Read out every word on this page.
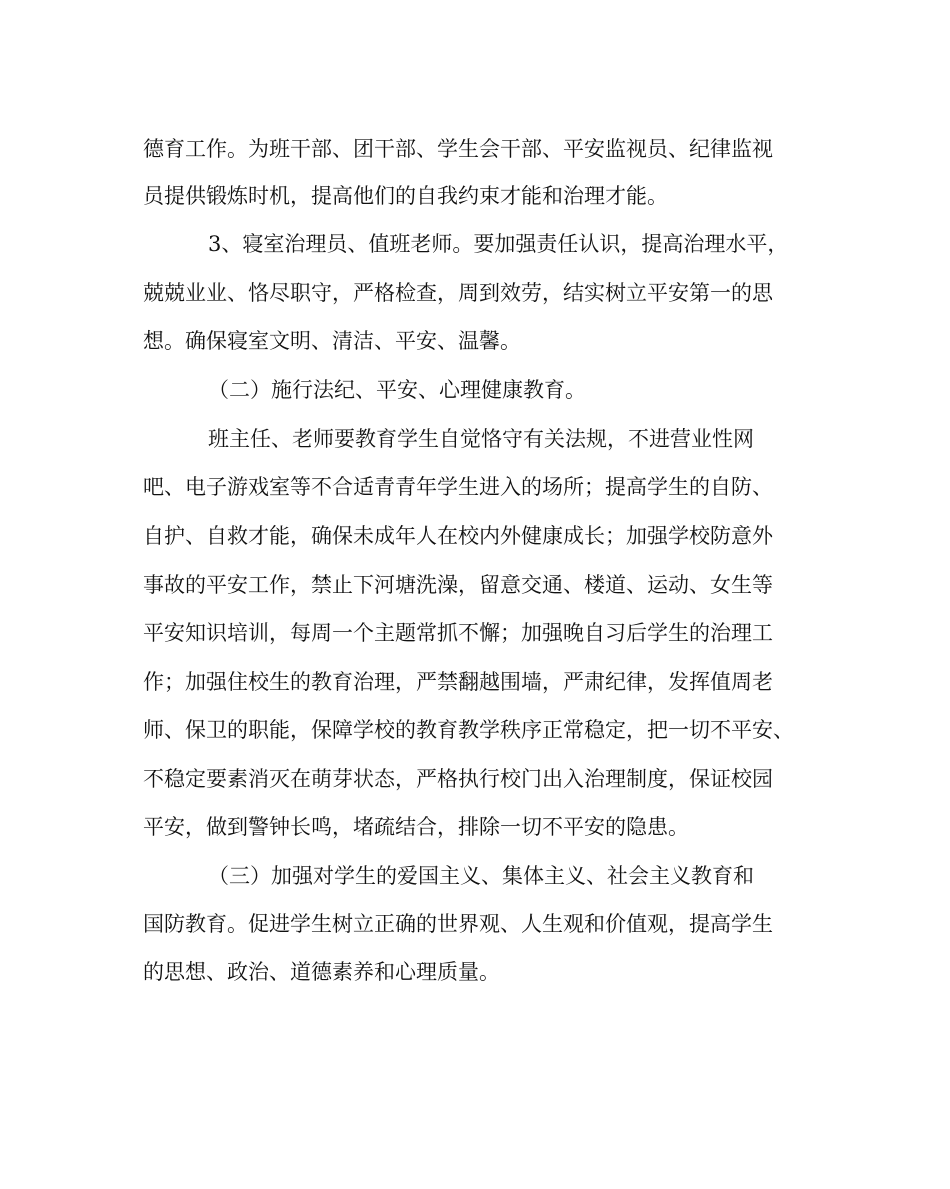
德育工作。为班干部、团干部、学生会干部、平安监视员、纪律监视
员提供锻炼时机，提高他们的自我约束才能和治理才能。
3、寝室治理员、值班老师。要加强责任认识，提高治理水平，
兢兢业业、恪尽职守，严格检查，周到效劳，结实树立平安第一的思
想。确保寝室文明、清洁、平安、温馨。
（二）施行法纪、平安、心理健康教育。
班主任、老师要教育学生自觉恪守有关法规，不进营业性网
吧、电子游戏室等不合适青青年学生进入的场所；提高学生的自防、
自护、自救才能，确保未成年人在校内外健康成长；加强学校防意外
事故的平安工作，禁止下河塘洗澡，留意交通、楼道、运动、女生等
平安知识培训，每周一个主题常抓不懈；加强晚自习后学生的治理工
作；加强住校生的教育治理，严禁翻越围墙，严肃纪律，发挥值周老
师、保卫的职能，保障学校的教育教学秩序正常稳定，把一切不平安、
不稳定要素消灭在萌芽状态，严格执行校门出入治理制度，保证校园
平安，做到警钟长鸣，堵疏结合，排除一切不平安的隐患。
（三）加强对学生的爱国主义、集体主义、社会主义教育和
国防教育。促进学生树立正确的世界观、人生观和价值观，提高学生
的思想、政治、道德素养和心理质量。
